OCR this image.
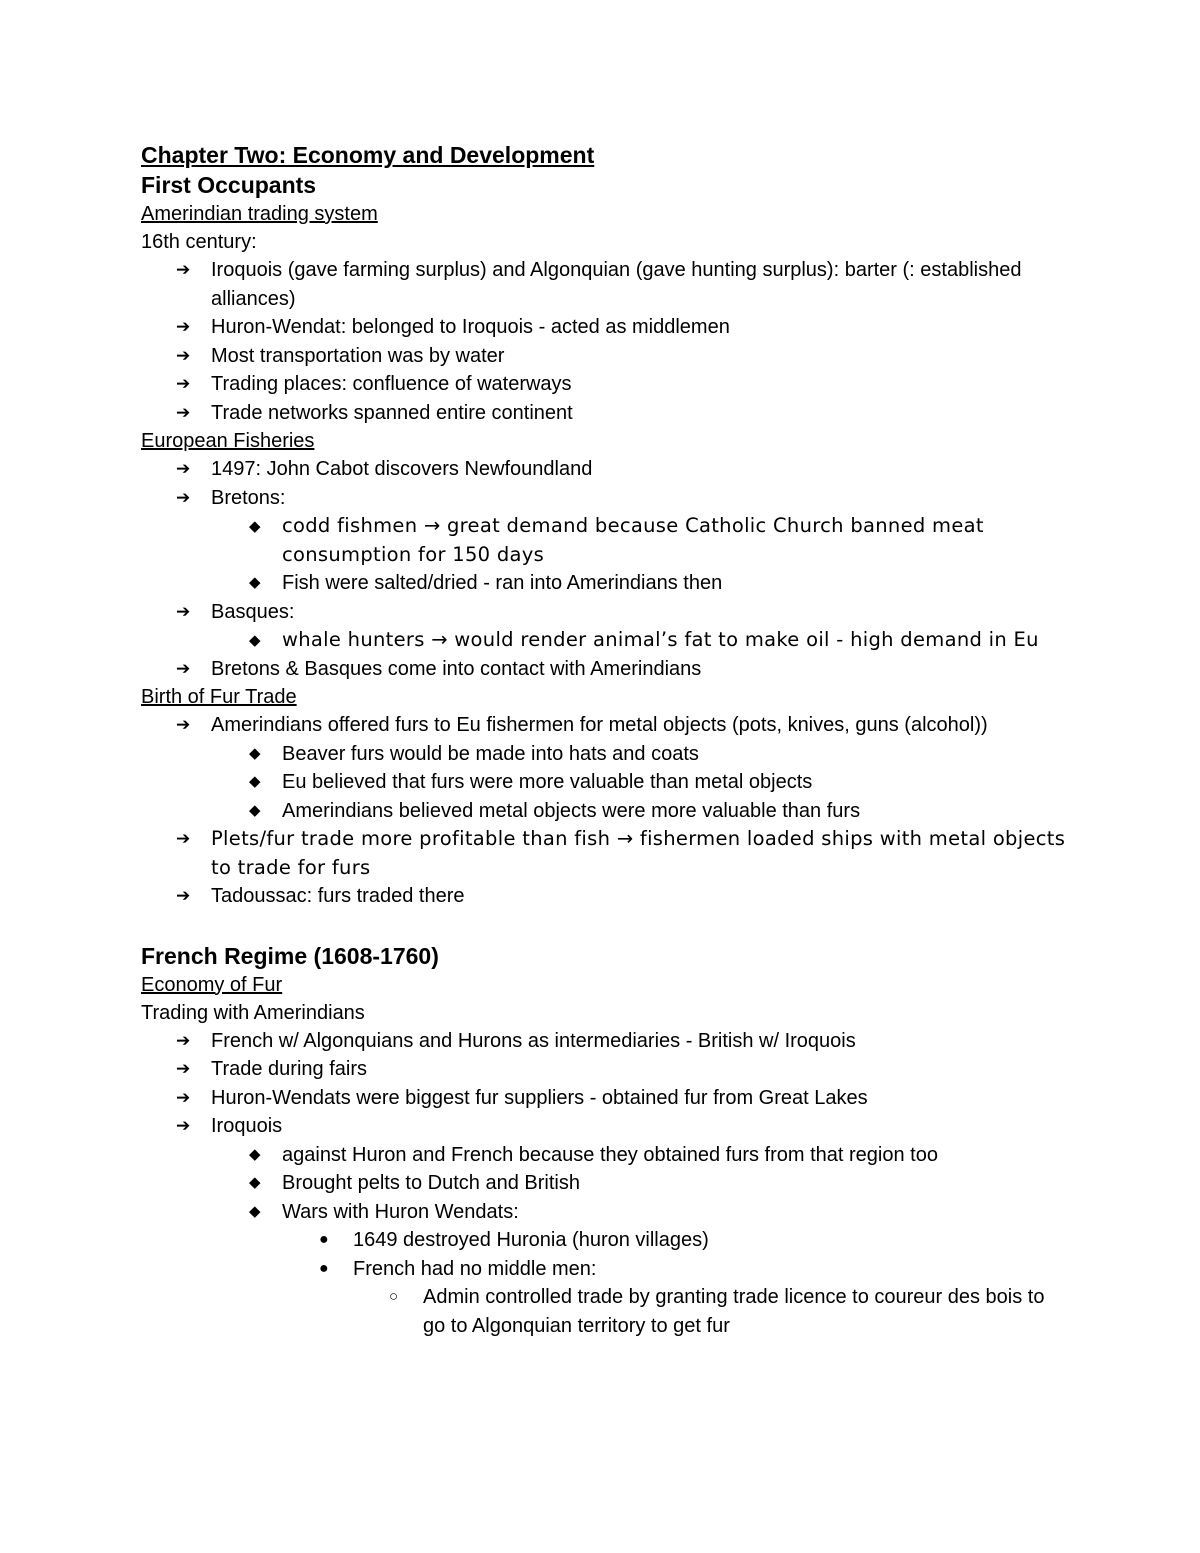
Chapter Two: Economy and Development
First Occupants
Amerindian trading system
16th century:
➔ Iroquois (gave farming surplus) and Algonquian (gave hunting surplus): barter (: established alliances)
➔ Huron-Wendat: belonged to Iroquois - acted as middlemen
➔ Most transportation was by water
➔ Trading places: confluence of waterways
➔ Trade networks spanned entire continent
European Fisheries
➔ 1497: John Cabot discovers Newfoundland
➔ Bretons:
◆ codd fishmen → great demand because Catholic Church banned meat consumption for 150 days
◆ Fish were salted/dried - ran into Amerindians then
➔ Basques:
◆ whale hunters → would render animal’s fat to make oil - high demand in Eu
➔ Bretons & Basques come into contact with Amerindians
Birth of Fur Trade
➔ Amerindians offered furs to Eu fishermen for metal objects (pots, knives, guns (alcohol))
◆ Beaver furs would be made into hats and coats
◆ Eu believed that furs were more valuable than metal objects
◆ Amerindians believed metal objects were more valuable than furs
➔ Plets/fur trade more profitable than fish → fishermen loaded ships with metal objects to trade for furs
➔ Tadoussac: furs traded there
French Regime (1608-1760)
Economy of Fur
Trading with Amerindians
➔ French w/ Algonquians and Hurons as intermediaries - British w/ Iroquois
➔ Trade during fairs
➔ Huron-Wendats were biggest fur suppliers - obtained fur from Great Lakes
➔ Iroquois
◆ against Huron and French because they obtained furs from that region too
◆ Brought pelts to Dutch and British
◆ Wars with Huron Wendats:
● 1649 destroyed Huronia (huron villages)
● French had no middle men:
○ Admin controlled trade by granting trade licence to coureur des bois to go to Algonquian territory to get fur
